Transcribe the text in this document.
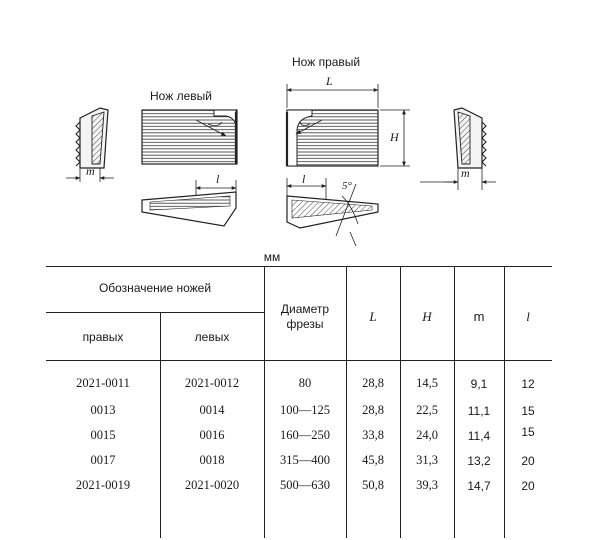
Нож левый
Нож правый
L
H
m	m
l	l	5°
мм
Обозначение ножей
правых	левых
Диаметр
фрезы	L	H	m	l
2021-0011	2021-0012	80	28,8	14,5	9,1	12
0013	0014	100—125	28,8	22,5	11,1	15
0015	0016	160—250	33,8	24,0	11,4	15
0017	0018	315—400	45,8	31,3	13,2	20
2021-0019	2021-0020	500—630	50,8	39,3	14,7	20
